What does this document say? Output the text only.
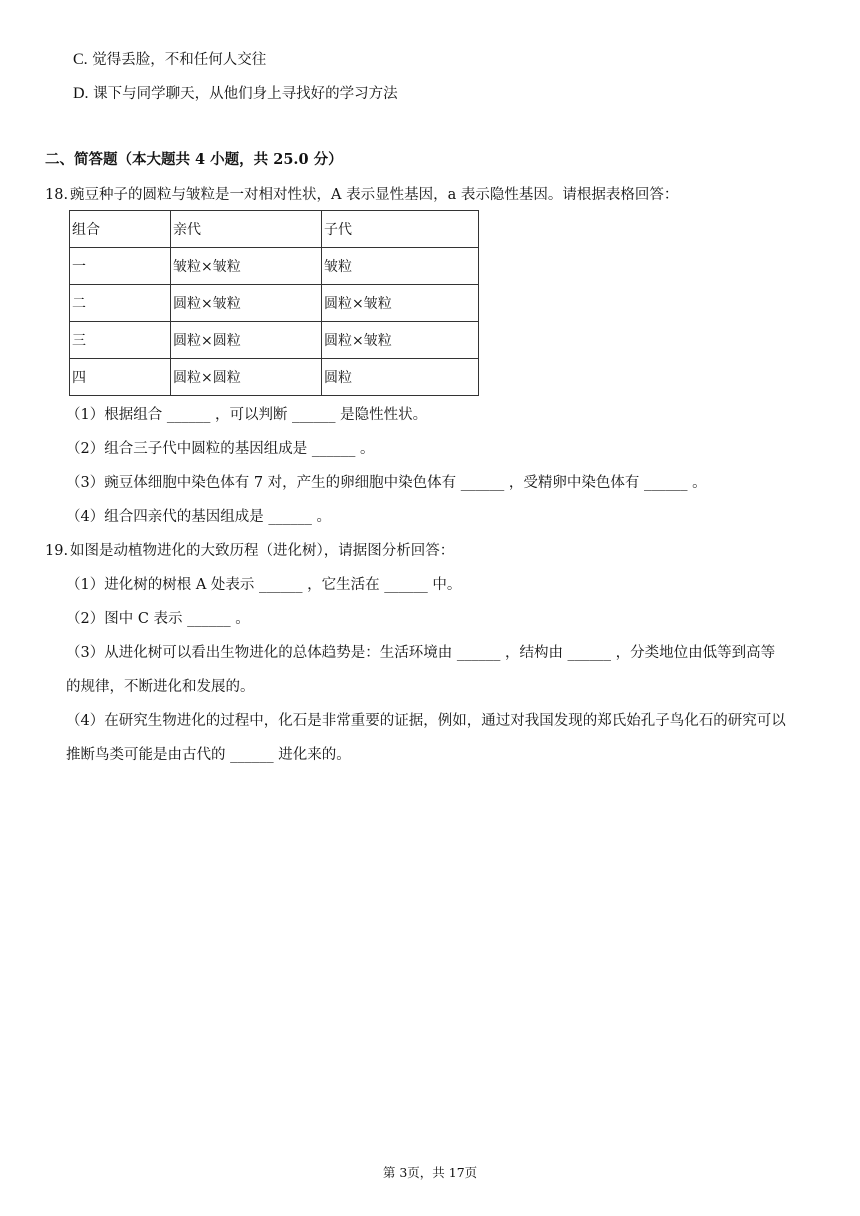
C. 觉得丢脸，不和任何人交往
D. 课下与同学聊天，从他们身上寻找好的学习方法
二、简答题（本大题共 4 小题，共 25.0 分）
18. 豌豆种子的圆粒与皱粒是一对相对性状，A 表示显性基因，a 表示隐性基因。请根据表格回答：
组合	亲代	子代
一	皱粒×皱粒	皱粒
二	圆粒×皱粒	圆粒×皱粒
三	圆粒×圆粒	圆粒×皱粒
四	圆粒×圆粒	圆粒
（1）根据组合 ______ ，可以判断 ______ 是隐性性状。
（2）组合三子代中圆粒的基因组成是 ______ 。
（3）豌豆体细胞中染色体有 7 对，产生的卵细胞中染色体有 ______ ，受精卵中染色体有 ______ 。
（4）组合四亲代的基因组成是 ______ 。
19. 如图是动植物进化的大致历程（进化树），请据图分析回答：
（1）进化树的树根 A 处表示 ______ ，它生活在 ______ 中。
（2）图中 C 表示 ______ 。
（3）从进化树可以看出生物进化的总体趋势是：生活环境由 ______ ，结构由 ______ ，分类地位由低等到高等
的规律，不断进化和发展的。
（4）在研究生物进化的过程中，化石是非常重要的证据，例如，通过对我国发现的郑氏始孔子鸟化石的研究可以
推断鸟类可能是由古代的 ______ 进化来的。
第 3页，共 17页
